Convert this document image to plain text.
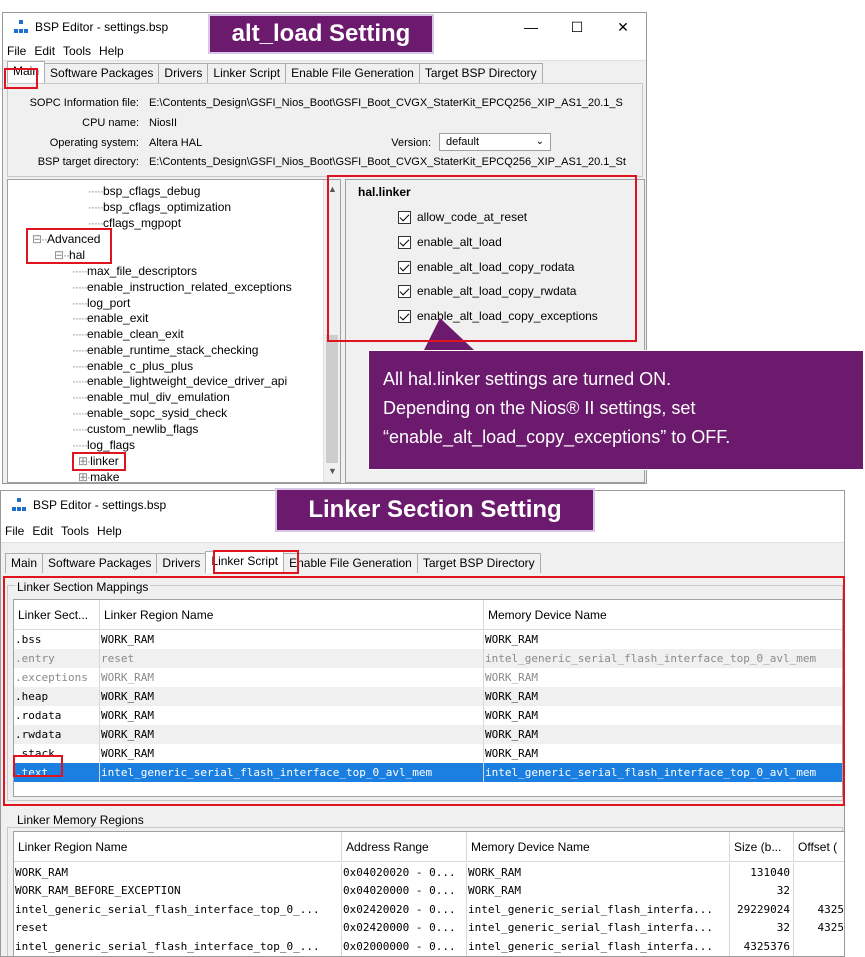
BSP Editor - settings.bsp	—	☐	✕
File Edit Tools Help
Main Software Packages Drivers Linker Script Enable File Generation Target BSP Directory
SOPC Information file: E:\Contents_Design\GSFI_Nios_Boot\GSFI_Boot_CVGX_StaterKit_EPCQ256_XIP_AS1_20.1_S
CPU name: NiosII
Operating system: Altera HAL	Version:	default	⌄
BSP target directory: E:\Contents_Design\GSFI_Nios_Boot\GSFI_Boot_CVGX_StaterKit_EPCQ256_XIP_AS1_20.1_St
·····bsp_cflags_debug
·····bsp_cflags_optimization
·····cflags_mgpopt
⊟··Advanced
⊟··hal
·····max_file_descriptors
·····enable_instruction_related_exceptions
·····log_port
·····enable_exit
·····enable_clean_exit
·····enable_runtime_stack_checking
·····enable_c_plus_plus
·····enable_lightweight_device_driver_api
·····enable_mul_div_emulation
·····enable_sopc_sysid_check
·····custom_newlib_flags
·····log_flags
⊞·linker
⊞·make
▲
▼
hal.linker
allow_code_at_reset
enable_alt_load
enable_alt_load_copy_rodata
enable_alt_load_copy_rwdata
enable_alt_load_copy_exceptions
BSP Editor - settings.bsp
File Edit Tools Help
Main Software Packages Drivers Linker Script Enable File Generation Target BSP Directory
Linker Section Mappings
Linker Sect...	Linker Region Name	Memory Device Name
.bss	WORK_RAM	WORK_RAM
.entry	reset	intel_generic_serial_flash_interface_top_0_avl_mem
.exceptions	WORK_RAM	WORK_RAM
.heap	WORK_RAM	WORK_RAM
.rodata	WORK_RAM	WORK_RAM
.rwdata	WORK_RAM	WORK_RAM
.stack	WORK_RAM	WORK_RAM
.text	intel_generic_serial_flash_interface_top_0_avl_mem	intel_generic_serial_flash_interface_top_0_avl_mem
Linker Memory Regions
Linker Region Name	Address Range	Memory Device Name	Size (b...	Offset (
WORK_RAM	0x04020020 - 0...	WORK_RAM	131040
WORK_RAM_BEFORE_EXCEPTION	0x04020000 - 0...	WORK_RAM	32
intel_generic_serial_flash_interface_top_0_...	0x02420020 - 0...	intel_generic_serial_flash_interfa...	29229024	4325
reset	0x02420000 - 0...	intel_generic_serial_flash_interfa...	32	4325
intel_generic_serial_flash_interface_top_0_...	0x02000000 - 0...	intel_generic_serial_flash_interfa...	4325376
alt_load Setting
Linker Section Setting
All hal.linker settings are turned ON.
Depending on the Nios® II settings, set
“enable_alt_load_copy_exceptions” to OFF.
